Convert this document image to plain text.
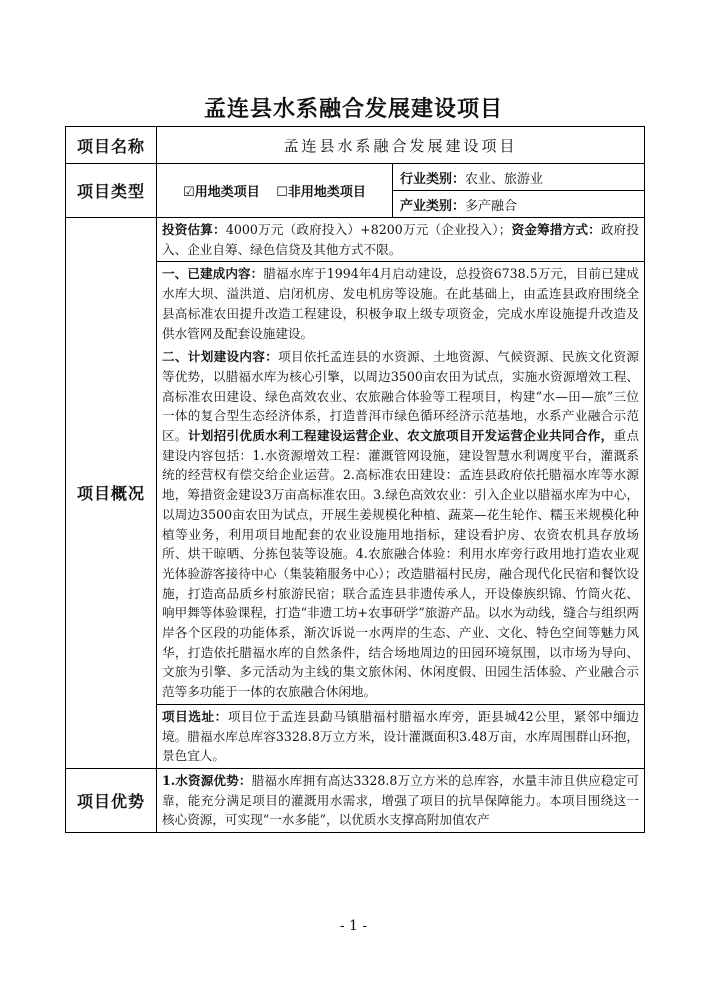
孟连县水系融合发展建设项目
项目名称	孟连县水系融合发展建设项目	
项目类型	☑用地类项目 ☐非用地类项目	行业类别：农业、旅游业
		产业类别：多产融合
项目概况	投资估算：4000万元（政府投入）+8200万元（企业投入）；资金筹措方式：政府投入、企业自筹、绿色信贷及其他方式不限。	
	一、已建成内容：腊福水库于1994年4月启动建设，总投资6738.5万元，目前已建成水库大坝、溢洪道、启闭机房、发电机房等设施。在此基础上，由孟连县政府围绕全县高标准农田提升改造工程建设，积极争取上级专项资金，完成水库设施提升改造及供水管网及配套设施建设。	
	二、计划建设内容：项目依托孟连县的水资源、土地资源、气候资源、民族文化资源等优势，以腊福水库为核心引擎，以周边3500亩农田为试点，实施水资源增效工程、高标准农田建设、绿色高效农业、农旅融合体验等工程项目，构建“水—田—旅”三位一体的复合型生态经济体系，打造普洱市绿色循环经济示范基地，水系产业融合示范区。计划招引优质水利工程建设运营企业、农文旅项目开发运营企业共同合作，重点建设内容包括：1.水资源增效工程：灌溉管网设施，建设智慧水利调度平台，灌溉系统的经营权有偿交给企业运营。2.高标准农田建设：孟连县政府依托腊福水库等水源地，筹措资金建设3万亩高标准农田。3.绿色高效农业：引入企业以腊福水库为中心，以周边3500亩农田为试点，开展生姜规模化种植、蔬菜—花生轮作、糯玉米规模化种植等业务，利用项目地配套的农业设施用地指标，建设看护房、农资农机具存放场所、烘干晾晒、分拣包装等设施。4.农旅融合体验：利用水库旁行政用地打造农业观光体验游客接待中心（集装箱服务中心）；改造腊福村民房，融合现代化民宿和餐饮设施，打造高品质乡村旅游民宿；联合孟连县非遗传承人，开设傣族织锦、竹筒火花、响甲舞等体验课程，打造“非遗工坊+农事研学”旅游产品。以水为动线，缝合与组织两岸各个区段的功能体系，渐次诉说一水两岸的生态、产业、文化、特色空间等魅力风华，打造依托腊福水库的自然条件，结合场地周边的田园环境氛围，以市场为导向、文旅为引擎、多元活动为主线的集文旅休闲、休闲度假、田园生活体验、产业融合示范等多功能于一体的农旅融合休闲地。	
	项目选址：项目位于孟连县勐马镇腊福村腊福水库旁，距县城42公里，紧邻中缅边境。腊福水库总库容3328.8万立方米，设计灌溉面积3.48万亩，水库周围群山环抱，景色宜人。	
项目优势	1.水资源优势：腊福水库拥有高达3328.8万立方米的总库容，水量丰沛且供应稳定可靠，能充分满足项目的灌溉用水需求，增强了项目的抗旱保障能力。本项目围绕这一核心资源，可实现“一水多能”，以优质水支撑高附加值农产	
- 1 -
